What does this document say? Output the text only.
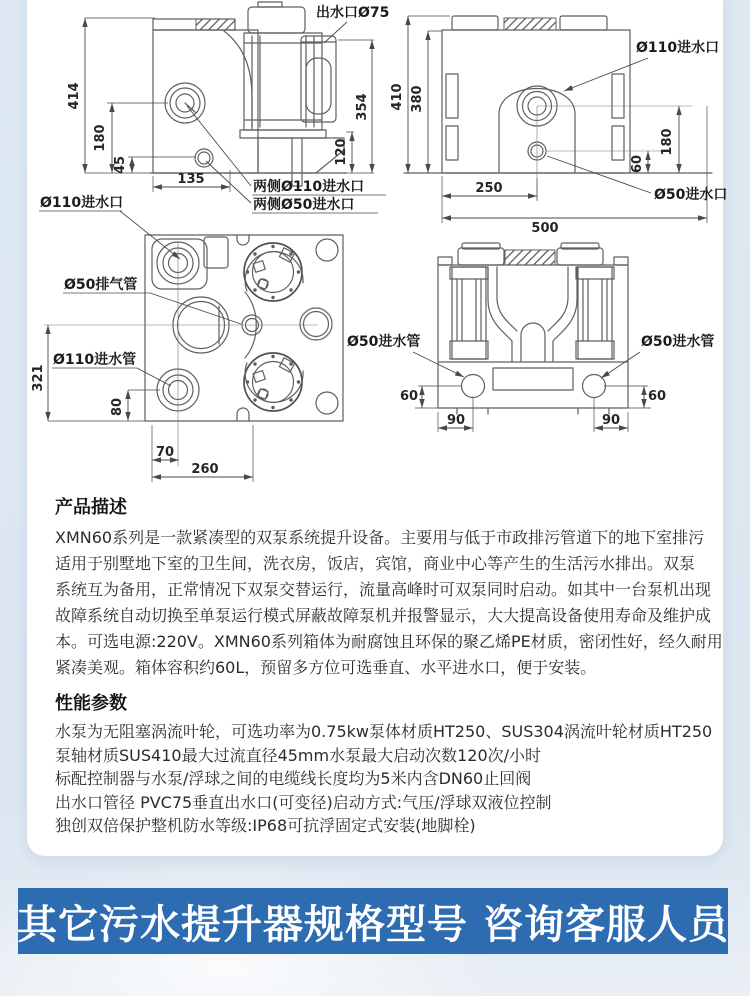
414
180
45
135
354
120
出水口Ø75
两侧Ø110进水口
两侧Ø50进水口
410 380
250
500
180
60
Ø110进水口
Ø50进水口
321
80
70
260
Ø110进水口
Ø50排气管
Ø110进水管
60
90	90
60
Ø50进水管	Ø50进水管
产品描述

XMN60系列是一款紧凑型的双泵系统提升设备。主要用与低于市政排污管道下的地下室排污

适用于别墅地下室的卫生间，洗衣房，饭店，宾馆，商业中心等产生的生活污水排出。双泵

系统互为备用，正常情况下双泵交替运行，流量高峰时可双泵同时启动。如其中一台泵机出现

故障系统自动切换至单泵运行模式屏蔽故障泵机并报警显示，大大提高设备使用寿命及维护成

本。可选电源:220V。XMN60系列箱体为耐腐蚀且环保的聚乙烯PE材质，密闭性好，经久耐用

紧凑美观。箱体容积约60L，预留多方位可选垂直、水平进水口，便于安装。

性能参数

水泵为无阻塞涡流叶轮，可选功率为0.75kw泵体材质HT250、SUS304涡流叶轮材质HT250

泵轴材质SUS410最大过流直径45mm水泵最大启动次数120次/小时

标配控制器与水泵/浮球之间的电缆线长度均为5米内含DN60止回阀

出水口管径 PVC75垂直出水口(可变径)启动方式:气压/浮球双液位控制

独创双倍保护整机防水等级:IP68可抗浮固定式安装(地脚栓)

其它污水提升器规格型号 咨询客服人员
